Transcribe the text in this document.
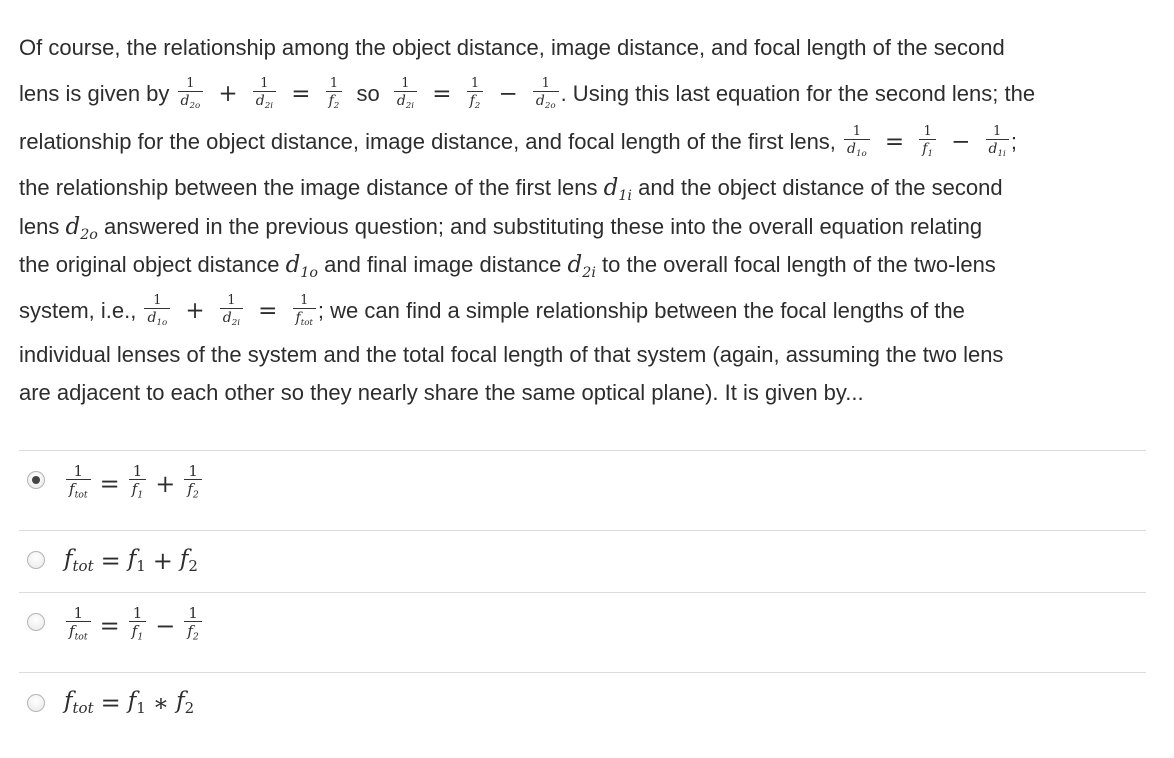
Of course, the relationship among the object distance, image distance, and focal length of the second
lens is given by $\frac{1}{d_{2o}} + \frac{1}{d_{2i}} = \frac{1}{f_2}$ so $\frac{1}{d_{2i}} = \frac{1}{f_2} - \frac{1}{d_{2o}}$ . Using this last equation for the second lens; the
relationship for the object distance, image distance, and focal length of the first lens, $\frac{1}{d_{1o}} = \frac{1}{f_1} - \frac{1}{d_{1i}}$ ;
the relationship between the image distance of the first lens $d_{1i}$ and the object distance of the second
lens $d_{2o}$ answered in the previous question; and substituting these into the overall equation relating
the original object distance $d_{1o}$ and final image distance $d_{2i}$ to the overall focal length of the two-lens
system, i.e., $\frac{1}{d_{1o}} + \frac{1}{d_{2i}} = \frac{1}{f_{tot}}$ ; we can find a simple relationship between the focal lengths of the
individual lenses of the system and the total focal length of that system (again, assuming the two lens
are adjacent to each other so they nearly share the same optical plane). It is given by...
$\frac{1}{f_{tot}} = \frac{1}{f_1} + \frac{1}{f_2}$
$f_{tot} = f_1 + f_2$
$\frac{1}{f_{tot}} = \frac{1}{f_1} - \frac{1}{f_2}$
$f_{tot} = f_1$ ∗ $f_2$
